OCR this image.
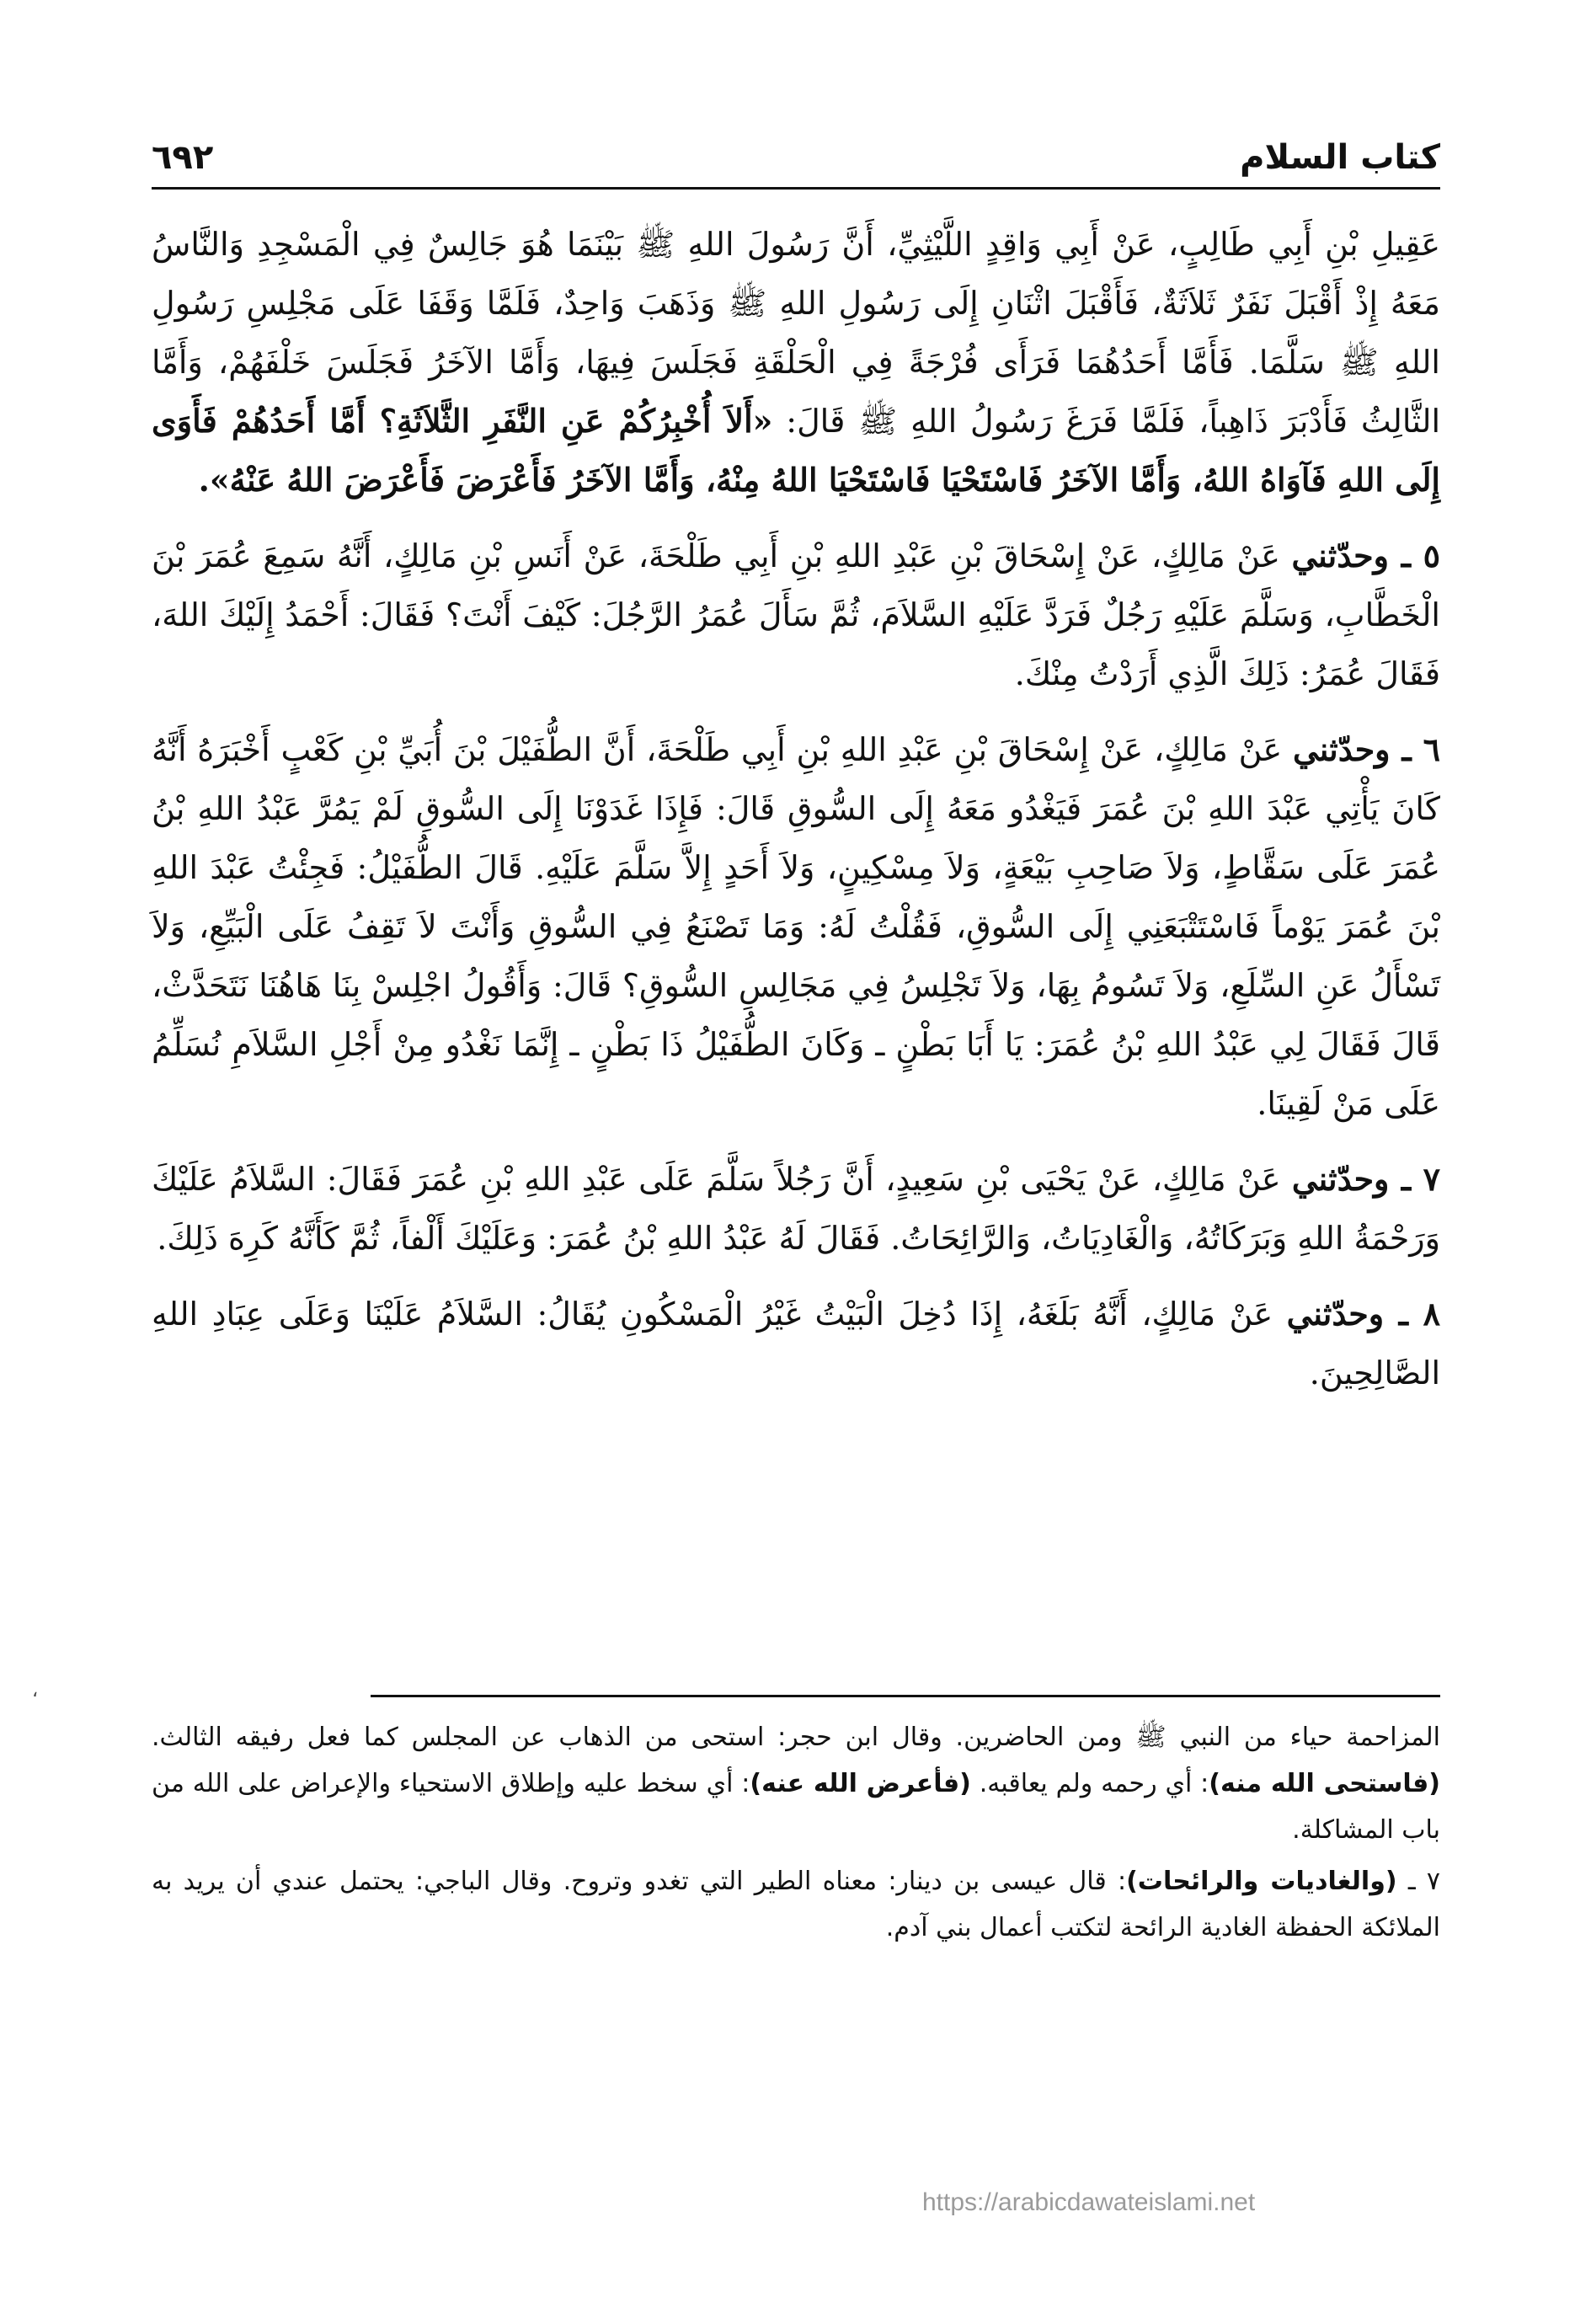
كتاب السلام
٦٩٢

عَقِيلِ بْنِ أَبِي طَالِبٍ، عَنْ أَبِي وَاقِدٍ اللَّيْثِيِّ، أَنَّ رَسُولَ اللهِ ﷺ بَيْنَمَا هُوَ جَالِسٌ فِي الْمَسْجِدِ وَالنَّاسُ مَعَهُ إِذْ أَقْبَلَ نَفَرٌ ثَلاَثَةٌ، فَأَقْبَلَ اثْنَانِ إِلَى رَسُولِ اللهِ ﷺ وَذَهَبَ وَاحِدٌ، فَلَمَّا وَقَفَا عَلَى مَجْلِسِ رَسُولِ اللهِ ﷺ سَلَّمَا. فَأَمَّا أَحَدُهُمَا فَرَأَى فُرْجَةً فِي الْحَلْقَةِ فَجَلَسَ فِيهَا، وَأَمَّا الآخَرُ فَجَلَسَ خَلْفَهُمْ، وَأَمَّا الثَّالِثُ فَأَدْبَرَ ذَاهِباً، فَلَمَّا فَرَغَ رَسُولُ اللهِ ﷺ قَالَ: «أَلاَ أُخْبِرُكُمْ عَنِ النَّفَرِ الثَّلاَثَةِ؟ أَمَّا أَحَدُهُمْ فَأَوَى إِلَى اللهِ فَآوَاهُ اللهُ، وَأَمَّا الآخَرُ فَاسْتَحْيَا فَاسْتَحْيَا اللهُ مِنْهُ، وَأَمَّا الآخَرُ فَأَعْرَضَ فَأَعْرَضَ اللهُ عَنْهُ».

٥ ـ وحدّثني عَنْ مَالِكٍ، عَنْ إِسْحَاقَ بْنِ عَبْدِ اللهِ بْنِ أَبِي طَلْحَةَ، عَنْ أَنَسِ بْنِ مَالِكٍ، أَنَّهُ سَمِعَ عُمَرَ بْنَ الْخَطَّابِ، وَسَلَّمَ عَلَيْهِ رَجُلٌ فَرَدَّ عَلَيْهِ السَّلاَمَ، ثُمَّ سَأَلَ عُمَرُ الرَّجُلَ: كَيْفَ أَنْتَ؟ فَقَالَ: أَحْمَدُ إِلَيْكَ اللهَ، فَقَالَ عُمَرُ: ذَلِكَ الَّذِي أَرَدْتُ مِنْكَ.

٦ ـ وحدّثني عَنْ مَالِكٍ، عَنْ إِسْحَاقَ بْنِ عَبْدِ اللهِ بْنِ أَبِي طَلْحَةَ، أَنَّ الطُّفَيْلَ بْنَ أُبَيِّ بْنِ كَعْبٍ أَخْبَرَهُ أَنَّهُ كَانَ يَأْتِي عَبْدَ اللهِ بْنَ عُمَرَ فَيَغْدُو مَعَهُ إِلَى السُّوقِ قَالَ: فَإِذَا غَدَوْنَا إِلَى السُّوقِ لَمْ يَمُرَّ عَبْدُ اللهِ بْنُ عُمَرَ عَلَى سَقَّاطٍ، وَلاَ صَاحِبِ بَيْعَةٍ، وَلاَ مِسْكِينٍ، وَلاَ أَحَدٍ إِلاَّ سَلَّمَ عَلَيْهِ. قَالَ الطُّفَيْلُ: فَجِئْتُ عَبْدَ اللهِ بْنَ عُمَرَ يَوْماً فَاسْتَتْبَعَنِي إِلَى السُّوقِ، فَقُلْتُ لَهُ: وَمَا تَصْنَعُ فِي السُّوقِ وَأَنْتَ لاَ تَقِفُ عَلَى الْبَيِّعِ، وَلاَ تَسْأَلُ عَنِ السِّلَعِ، وَلاَ تَسُومُ بِهَا، وَلاَ تَجْلِسُ فِي مَجَالِسِ السُّوقِ؟ قَالَ: وَأَقُولُ اجْلِسْ بِنَا هَاهُنَا نَتَحَدَّثْ، قَالَ فَقَالَ لِي عَبْدُ اللهِ بْنُ عُمَرَ: يَا أَبَا بَطْنٍ ـ وَكَانَ الطُّفَيْلُ ذَا بَطْنٍ ـ إِنَّمَا نَغْدُو مِنْ أَجْلِ السَّلاَمِ نُسَلِّمُ عَلَى مَنْ لَقِينَا.

٧ ـ وحدّثني عَنْ مَالِكٍ، عَنْ يَحْيَى بْنِ سَعِيدٍ، أَنَّ رَجُلاً سَلَّمَ عَلَى عَبْدِ اللهِ بْنِ عُمَرَ فَقَالَ: السَّلاَمُ عَلَيْكَ وَرَحْمَةُ اللهِ وَبَرَكَاتُهُ، وَالْغَادِيَاتُ، وَالرَّائِحَاتُ. فَقَالَ لَهُ عَبْدُ اللهِ بْنُ عُمَرَ: وَعَلَيْكَ أَلْفاً، ثُمَّ كَأَنَّهُ كَرِهَ ذَلِكَ.

٨ ـ وحدّثني عَنْ مَالِكٍ، أَنَّهُ بَلَغَهُ، إِذَا دُخِلَ الْبَيْتُ غَيْرُ الْمَسْكُونِ يُقَالُ: السَّلاَمُ عَلَيْنَا وَعَلَى عِبَادِ اللهِ الصَّالِحِينَ.

المزاحمة حياء من النبي ﷺ ومن الحاضرين. وقال ابن حجر: استحى من الذهاب عن المجلس كما فعل رفيقه الثالث. (فاستحى الله منه): أي رحمه ولم يعاقبه. (فأعرض الله عنه): أي سخط عليه وإطلاق الاستحياء والإعراض على الله من باب المشاكلة.

٧ ـ (والغاديات والرائحات): قال عيسى بن دينار: معناه الطير التي تغدو وتروح. وقال الباجي: يحتمل عندي أن يريد به الملائكة الحفظة الغادية الرائحة لتكتب أعمال بني آدم.

،
https://arabicdawateislami.net
